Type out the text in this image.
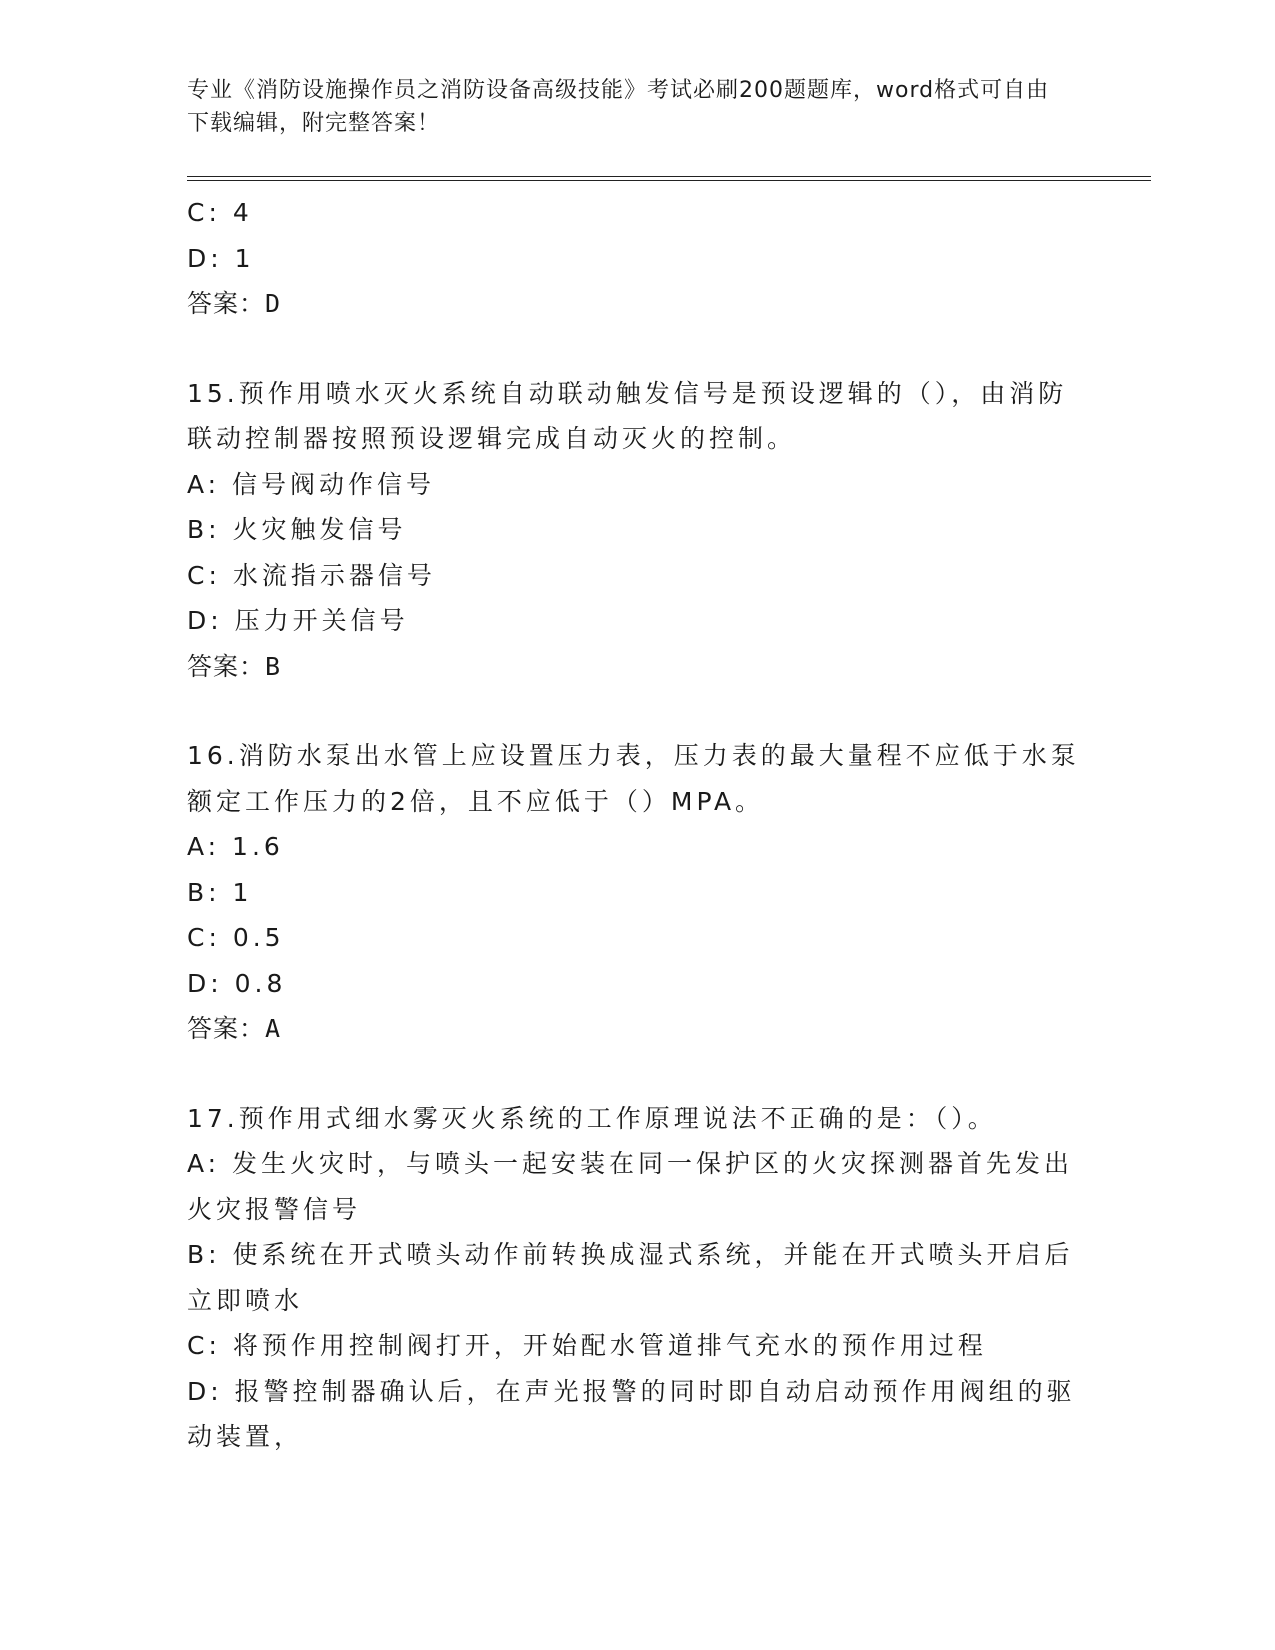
专业《消防设施操作员之消防设备高级技能》考试必刷200题题库，word格式可自由下载编辑，附完整答案！
C: 4
D: 1
答案：D
15.预作用喷水灭火系统自动联动触发信号是预设逻辑的（），由消防
联动控制器按照预设逻辑完成自动灭火的控制。
A: 信号阀动作信号
B: 火灾触发信号
C: 水流指示器信号
D: 压力开关信号
答案：B
16.消防水泵出水管上应设置压力表，压力表的最大量程不应低于水泵
额定工作压力的2倍，且不应低于（）MPA。
A: 1.6
B: 1
C: 0.5
D: 0.8
答案：A
17.预作用式细水雾灭火系统的工作原理说法不正确的是：（）。
A: 发生火灾时，与喷头一起安装在同一保护区的火灾探测器首先发出
火灾报警信号
B: 使系统在开式喷头动作前转换成湿式系统，并能在开式喷头开启后
立即喷水
C: 将预作用控制阀打开，开始配水管道排气充水的预作用过程
D: 报警控制器确认后，在声光报警的同时即自动启动预作用阀组的驱
动装置，
